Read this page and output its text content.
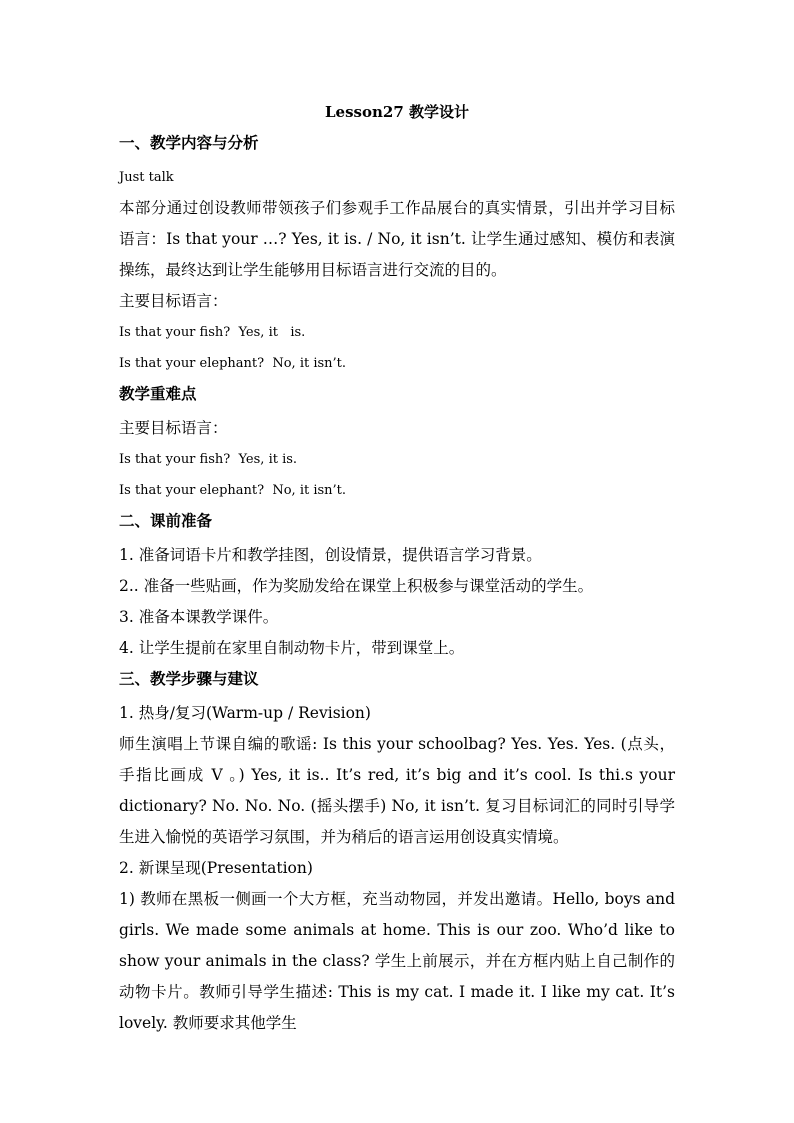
Lesson27 教学设计
一、教学内容与分析

Just talk

本部分通过创设教师带领孩子们参观手工作品展台的真实情景，引出并学习目标语言：Is that your …? Yes, it is. / No, it isn’t. 让学生通过感知、模仿和表演操练，最终达到让学生能够用目标语言进行交流的目的。

主要目标语言：

Is that your fish?  Yes, it   is.

Is that your elephant?  No, it isn’t.

教学重难点

主要目标语言：

Is that your fish?  Yes, it is.

Is that your elephant?  No, it isn’t.

二、课前准备

1. 准备词语卡片和教学挂图，创设情景，提供语言学习背景。

2.. 准备一些贴画，作为奖励发给在课堂上积极参与课堂活动的学生。

3. 准备本课教学课件。

4. 让学生提前在家里自制动物卡片，带到课堂上。

三、教学步骤与建议

1. 热身/复习(Warm-up / Revision)

师生演唱上节课自编的歌谣: Is this your schoolbag? Yes. Yes. Yes. (点头，手指比画成 V 。) Yes, it is.. It’s red, it’s big and it’s cool. Is thi.s your dictionary? No. No. No. (摇头摆手) No, it isn’t. 复习目标词汇的同时引导学生进入愉悦的英语学习氛围，并为稍后的语言运用创设真实情境。

2. 新课呈现(Presentation)

1) 教师在黑板一侧画一个大方框，充当动物园，并发出邀请。Hello, boys and girls. We made some animals at home. This is our zoo. Who’d like to show your animals in the class? 学生上前展示，并在方框内贴上自己制作的动物卡片。教师引导学生描述: This is my cat. I made it. I like my cat. It’s lovely. 教师要求其他学生
